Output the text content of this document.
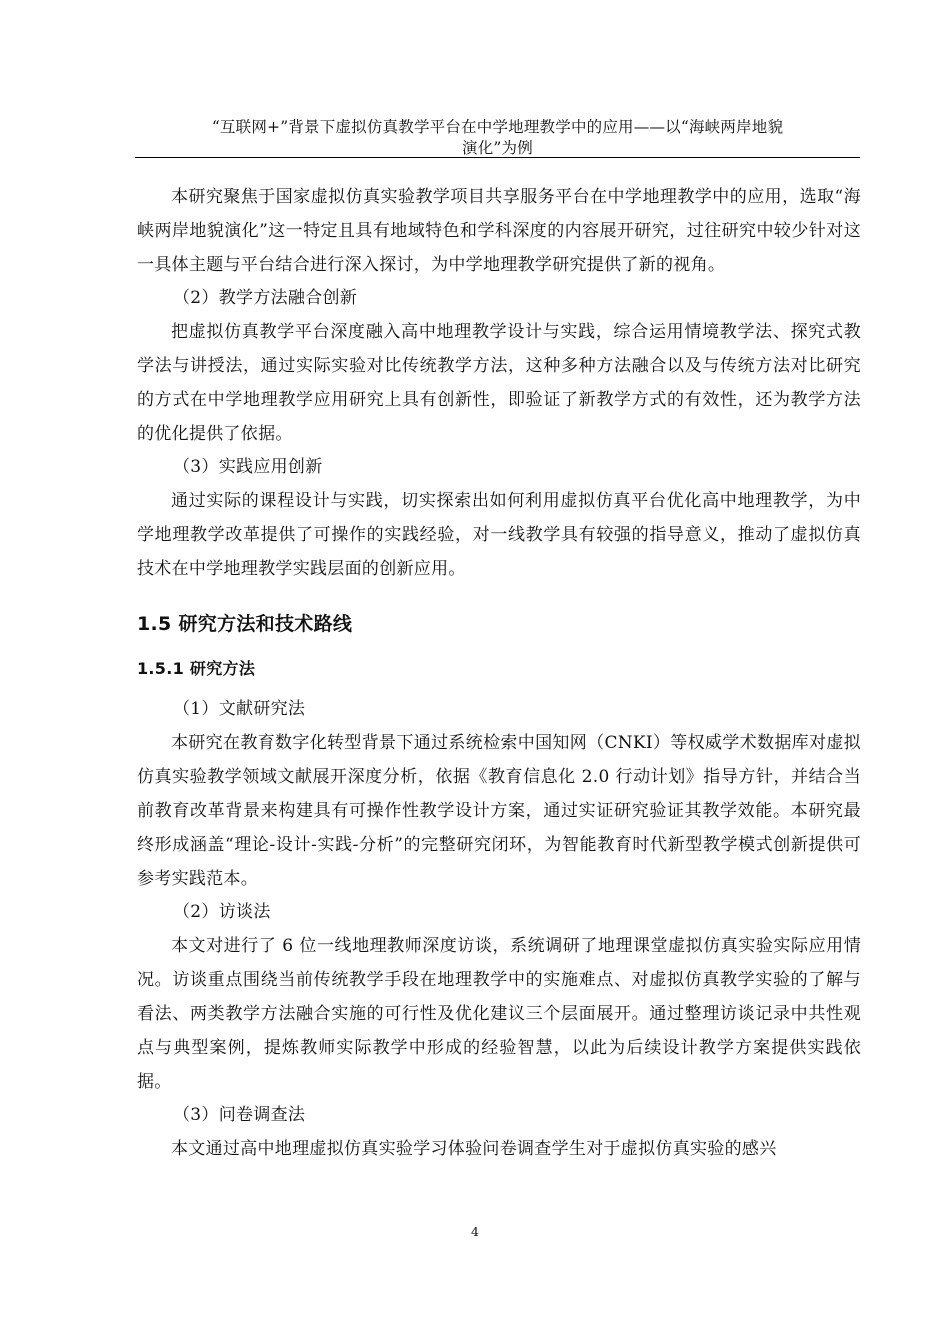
“互联网+”背景下虚拟仿真教学平台在中学地理教学中的应用——以“海峡两岸地貌
演化”为例

本研究聚焦于国家虚拟仿真实验教学项目共享服务平台在中学地理教学中的应用，选取“海峡两岸地貌演化”这一特定且具有地域特色和学科深度的内容展开研究，过往研究中较少针对这一具体主题与平台结合进行深入探讨，为中学地理教学研究提供了新的视角。

（2）教学方法融合创新

把虚拟仿真教学平台深度融入高中地理教学设计与实践，综合运用情境教学法、探究式教学法与讲授法，通过实际实验对比传统教学方法，这种多种方法融合以及与传统方法对比研究的方式在中学地理教学应用研究上具有创新性，即验证了新教学方式的有效性，还为教学方法的优化提供了依据。

（3）实践应用创新

通过实际的课程设计与实践，切实探索出如何利用虚拟仿真平台优化高中地理教学，为中学地理教学改革提供了可操作的实践经验，对一线教学具有较强的指导意义，推动了虚拟仿真技术在中学地理教学实践层面的创新应用。

1.5 研究方法和技术路线
1.5.1 研究方法

（1）文献研究法

本研究在教育数字化转型背景下通过系统检索中国知网（CNKI）等权威学术数据库对虚拟仿真实验教学领域文献展开深度分析，依据《教育信息化 2.0 行动计划》指导方针，并结合当前教育改革背景来构建具有可操作性教学设计方案，通过实证研究验证其教学效能。本研究最终形成涵盖“理论-设计-实践-分析”的完整研究闭环，为智能教育时代新型教学模式创新提供可参考实践范本。

（2）访谈法

本文对进行了 6 位一线地理教师深度访谈，系统调研了地理课堂虚拟仿真实验实际应用情况。访谈重点围绕当前传统教学手段在地理教学中的实施难点、对虚拟仿真教学实验的了解与看法、两类教学方法融合实施的可行性及优化建议三个层面展开。通过整理访谈记录中共性观点与典型案例，提炼教师实际教学中形成的经验智慧，以此为后续设计教学方案提供实践依据。

（3）问卷调查法

本文通过高中地理虚拟仿真实验学习体验问卷调查学生对于虚拟仿真实验的感兴

4
